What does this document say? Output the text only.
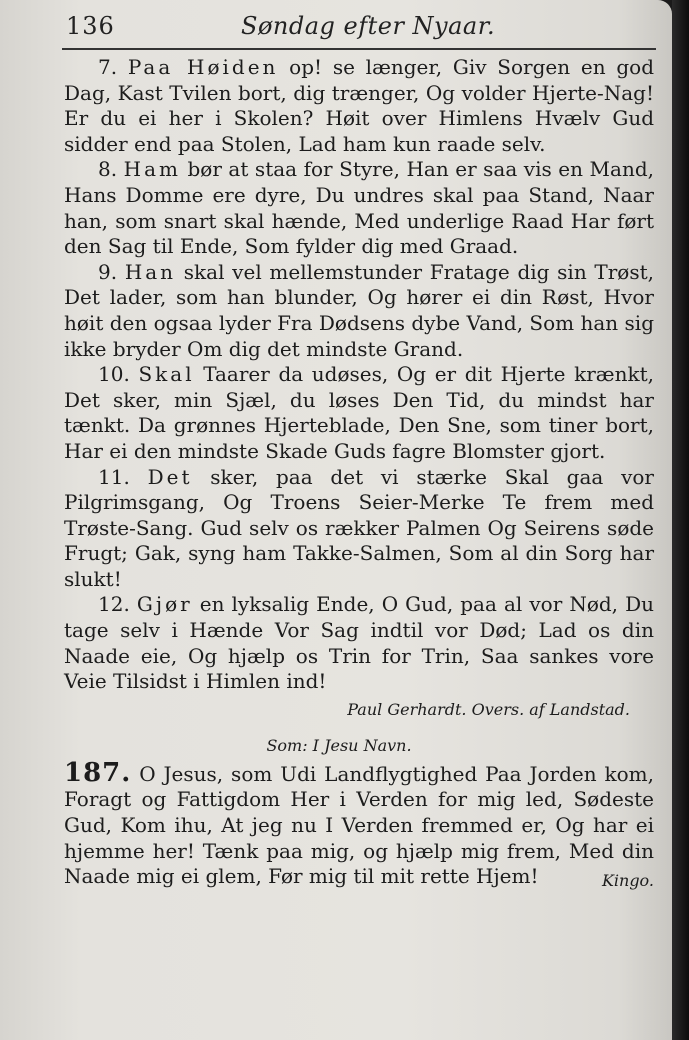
136	Søndag efter Nyaar.

7. Paa Høiden op! se længer, Giv Sorgen en god Dag, Kast Tvilen bort, dig trænger, Og volder Hjerte-Nag! Er du ei her i Skolen? Høit over Himlens Hvælv Gud sidder end paa Stolen, Lad ham kun raade selv.

8. Ham bør at staa for Styre, Han er saa vis en Mand, Hans Domme ere dyre, Du undres skal paa Stand, Naar han, som snart skal hænde, Med underlige Raad Har ført den Sag til Ende, Som fylder dig med Graad.

9. Han skal vel mellemstunder Fratage dig sin Trøst, Det lader, som han blunder, Og hører ei din Røst, Hvor høit den ogsaa lyder Fra Dødsens dybe Vand, Som han sig ikke bryder Om dig det mindste Grand.

10. Skal Taarer da udøses, Og er dit Hjerte krænkt, Det sker, min Sjæl, du løses Den Tid, du mindst har tænkt. Da grønnes Hjerteblade, Den Sne, som tiner bort, Har ei den mindste Skade Guds fagre Blomster gjort.

11. Det sker, paa det vi stærke Skal gaa vor Pilgrimsgang, Og Troens Seier-Merke Te frem med Trøste-Sang. Gud selv os rækker Palmen Og Seirens søde Frugt; Gak, syng ham Takke-Salmen, Som al din Sorg har slukt!

12. Gjør en lyksalig Ende, O Gud, paa al vor Nød, Du tage selv i Hænde Vor Sag indtil vor Død; Lad os din Naade eie, Og hjælp os Trin for Trin, Saa sankes vore Veie Tilsidst i Himlen ind!

Paul Gerhardt. Overs. af Landstad.

Som: I Jesu Navn.

187. O Jesus, som Udi Landflygtighed Paa Jorden kom, Foragt og Fattigdom Her i Verden for mig led, Sødeste Gud, Kom ihu, At jeg nu I Verden fremmed er, Og har ei hjemme her! Tænk paa mig, og hjælp mig frem, Med din Naade mig ei glem, Før mig til mit rette Hjem!	Kingo.
